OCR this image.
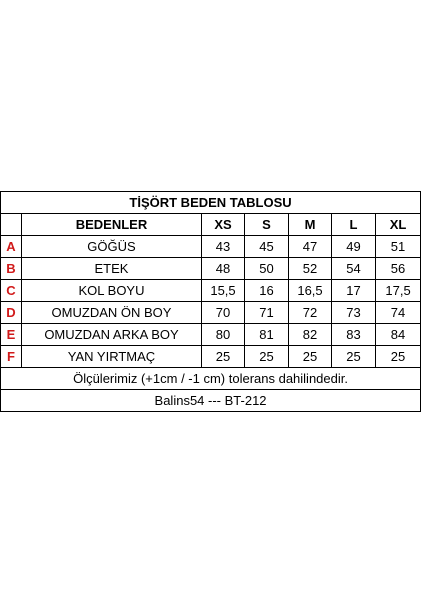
TİŞÖRT BEDEN TABLOSU						
	BEDENLER	XS	S	M	L	XL
A	GÖĞÜS	43	45	47	49	51
B	ETEK	48	50	52	54	56
C	KOL BOYU	15,5	16	16,5	17	17,5
D	OMUZDAN ÖN BOY	70	71	72	73	74
E	OMUZDAN ARKA BOY	80	81	82	83	84
F	YAN YIRTMAÇ	25	25	25	25	25
Ölçülerimiz (+1cm / -1 cm) tolerans dahilindedir.						
Balins54 --- BT-212						
